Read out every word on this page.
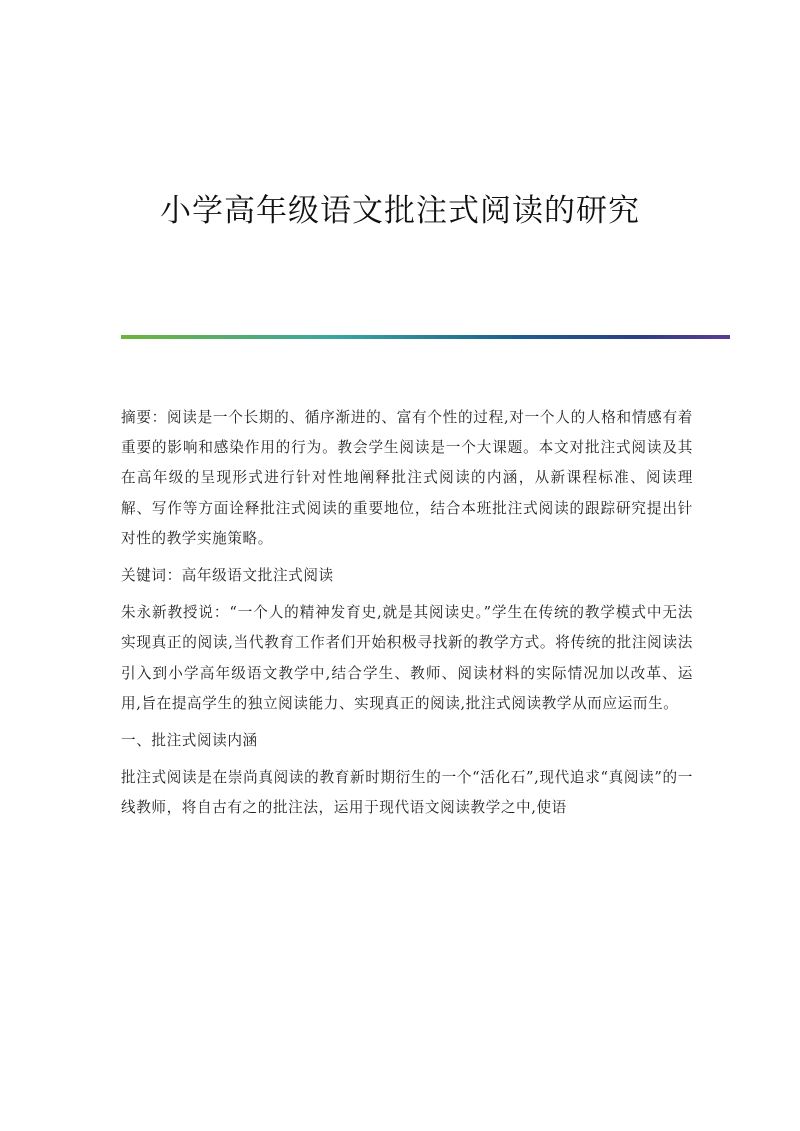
小学高年级语文批注式阅读的研究

摘要：阅读是一个长期的、循序渐进的、富有个性的过程,对一个人的人格和情感有着重要的影响和感染作用的行为。教会学生阅读是一个大课题。本文对批注式阅读及其在高年级的呈现形式进行针对性地阐释批注式阅读的内涵，从新课程标准、阅读理解、写作等方面诠释批注式阅读的重要地位，结合本班批注式阅读的跟踪研究提出针对性的教学实施策略。

关键词：高年级语文批注式阅读

朱永新教授说：“一个人的精神发育史,就是其阅读史。”学生在传统的教学模式中无法实现真正的阅读,当代教育工作者们开始积极寻找新的教学方式。将传统的批注阅读法引入到小学高年级语文教学中,结合学生、教师、阅读材料的实际情况加以改革、运用,旨在提高学生的独立阅读能力、实现真正的阅读,批注式阅读教学从而应运而生。

一、批注式阅读内涵

批注式阅读是在崇尚真阅读的教育新时期衍生的一个“活化石”,现代追求“真阅读”的一线教师，将自古有之的批注法，运用于现代语文阅读教学之中,使语
